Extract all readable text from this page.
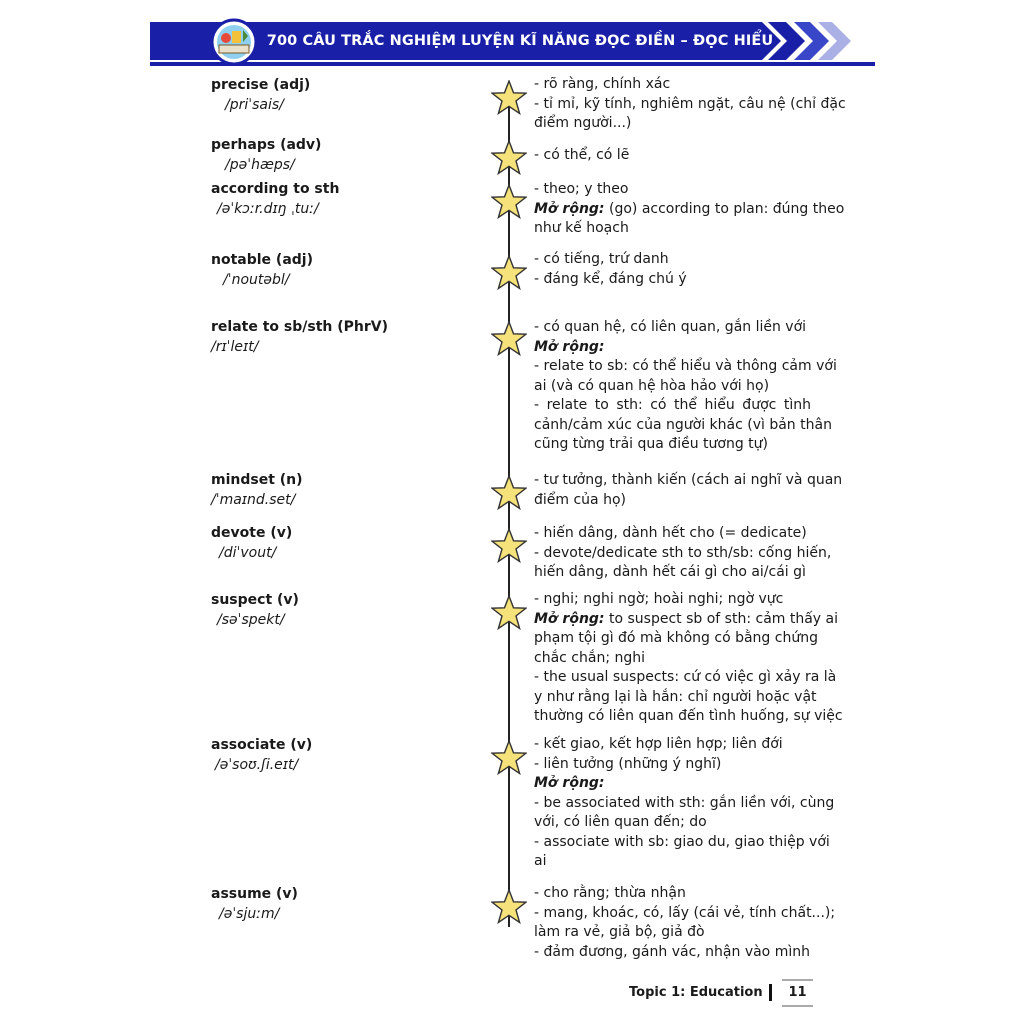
700 CÂU TRẮC NGHIỆM LUYỆN KĨ NĂNG ĐỌC ĐIỀN – ĐỌC HIỂU
precise (adj)
/priˈsais/
- rõ ràng, chính xác
- tỉ mỉ, kỹ tính, nghiêm ngặt, câu nệ (chỉ đặc
điểm người...)
perhaps (adv)
/pəˈhæps/
- có thể, có lẽ
according to sth
/əˈkɔːr.dɪŋ ˌtuː/
- theo; y theo
Mở rộng: (go) according to plan: đúng theo
như kế hoạch
notable (adj)
/ˈnoutəbl/
- có tiếng, trứ danh
- đáng kể, đáng chú ý
relate to sb/sth (PhrV)
/rɪˈleɪt/
- có quan hệ, có liên quan, gắn liền với
Mở rộng:
- relate to sb: có thể hiểu và thông cảm với
ai (và có quan hệ hòa hảo với họ)
- relate to sth: có thể hiểu được tình
cảnh/cảm xúc của người khác (vì bản thân
cũng từng trải qua điều tương tự)
mindset (n)
/ˈmaɪnd.set/
- tư tưởng, thành kiến (cách ai nghĩ và quan
điểm của họ)
devote (v)
/diˈvout/
- hiến dâng, dành hết cho (= dedicate)
- devote/dedicate sth to sth/sb: cống hiến,
hiến dâng, dành hết cái gì cho ai/cái gì
suspect (v)
/səˈspekt/
- nghi; nghi ngờ; hoài nghi; ngờ vực
Mở rộng: to suspect sb of sth: cảm thấy ai
phạm tội gì đó mà không có bằng chứng
chắc chắn; nghi
- the usual suspects: cứ có việc gì xảy ra là
y như rằng lại là hắn: chỉ người hoặc vật
thường có liên quan đến tình huống, sự việc
associate (v)
/əˈsoʊ.ʃi.eɪt/
- kết giao, kết hợp liên hợp; liên đới
- liên tưởng (những ý nghĩ)
Mở rộng:
- be associated with sth: gắn liền với, cùng
với, có liên quan đến; do
- associate with sb: giao du, giao thiệp với
ai
assume (v)
/əˈsjuːm/
- cho rằng; thừa nhận
- mang, khoác, có, lấy (cái vẻ, tính chất...);
làm ra vẻ, giả bộ, giả đò
- đảm đương, gánh vác, nhận vào mình
Topic 1: Education	11
